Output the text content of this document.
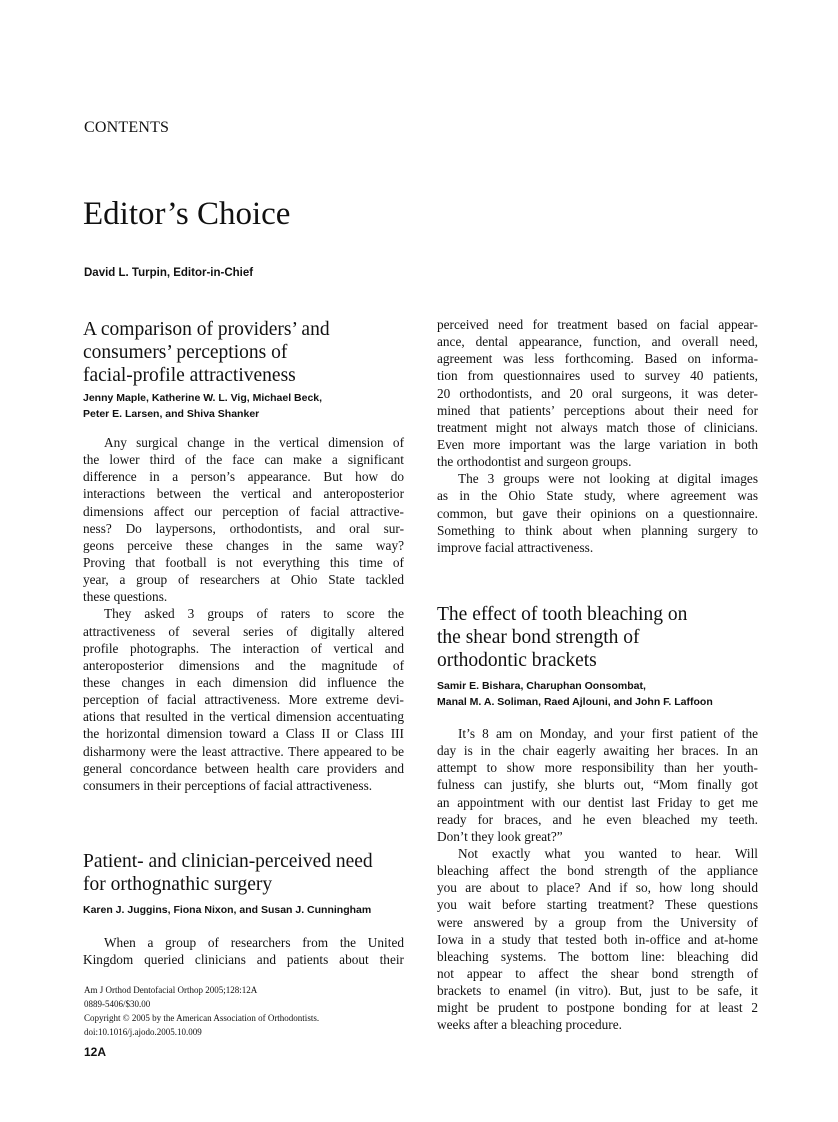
CONTENTS
Editor’s Choice
David L. Turpin, Editor-in-Chief
A comparison of providers’ and
consumers’ perceptions of
facial-profile attractiveness
Jenny Maple, Katherine W. L. Vig, Michael Beck,
Peter E. Larsen, and Shiva Shanker
Any surgical change in the vertical dimension of
the lower third of the face can make a significant
difference in a person’s appearance. But how do
interactions between the vertical and anteroposterior
dimensions affect our perception of facial attractive-
ness? Do laypersons, orthodontists, and oral sur-
geons perceive these changes in the same way?
Proving that football is not everything this time of
year, a group of researchers at Ohio State tackled
these questions.
They asked 3 groups of raters to score the
attractiveness of several series of digitally altered
profile photographs. The interaction of vertical and
anteroposterior dimensions and the magnitude of
these changes in each dimension did influence the
perception of facial attractiveness. More extreme devi-
ations that resulted in the vertical dimension accentuating
the horizontal dimension toward a Class II or Class III
disharmony were the least attractive. There appeared to be
general concordance between health care providers and
consumers in their perceptions of facial attractiveness.
Patient- and clinician-perceived need
for orthognathic surgery
Karen J. Juggins, Fiona Nixon, and Susan J. Cunningham
When a group of researchers from the United
Kingdom queried clinicians and patients about their
perceived need for treatment based on facial appear-
ance, dental appearance, function, and overall need,
agreement was less forthcoming. Based on informa-
tion from questionnaires used to survey 40 patients,
20 orthodontists, and 20 oral surgeons, it was deter-
mined that patients’ perceptions about their need for
treatment might not always match those of clinicians.
Even more important was the large variation in both
the orthodontist and surgeon groups.
The 3 groups were not looking at digital images
as in the Ohio State study, where agreement was
common, but gave their opinions on a questionnaire.
Something to think about when planning surgery to
improve facial attractiveness.
The effect of tooth bleaching on
the shear bond strength of
orthodontic brackets
Samir E. Bishara, Charuphan Oonsombat,
Manal M. A. Soliman, Raed Ajlouni, and John F. Laffoon
It’s 8 am on Monday, and your first patient of the
day is in the chair eagerly awaiting her braces. In an
attempt to show more responsibility than her youth-
fulness can justify, she blurts out, “Mom finally got
an appointment with our dentist last Friday to get me
ready for braces, and he even bleached my teeth.
Don’t they look great?”
Not exactly what you wanted to hear. Will
bleaching affect the bond strength of the appliance
you are about to place? And if so, how long should
you wait before starting treatment? These questions
were answered by a group from the University of
Iowa in a study that tested both in-office and at-home
bleaching systems. The bottom line: bleaching did
not appear to affect the shear bond strength of
brackets to enamel (in vitro). But, just to be safe, it
might be prudent to postpone bonding for at least 2
weeks after a bleaching procedure.
Am J Orthod Dentofacial Orthop 2005;128:12A
0889-5406/$30.00
Copyright © 2005 by the American Association of Orthodontists.
doi:10.1016/j.ajodo.2005.10.009
12A
